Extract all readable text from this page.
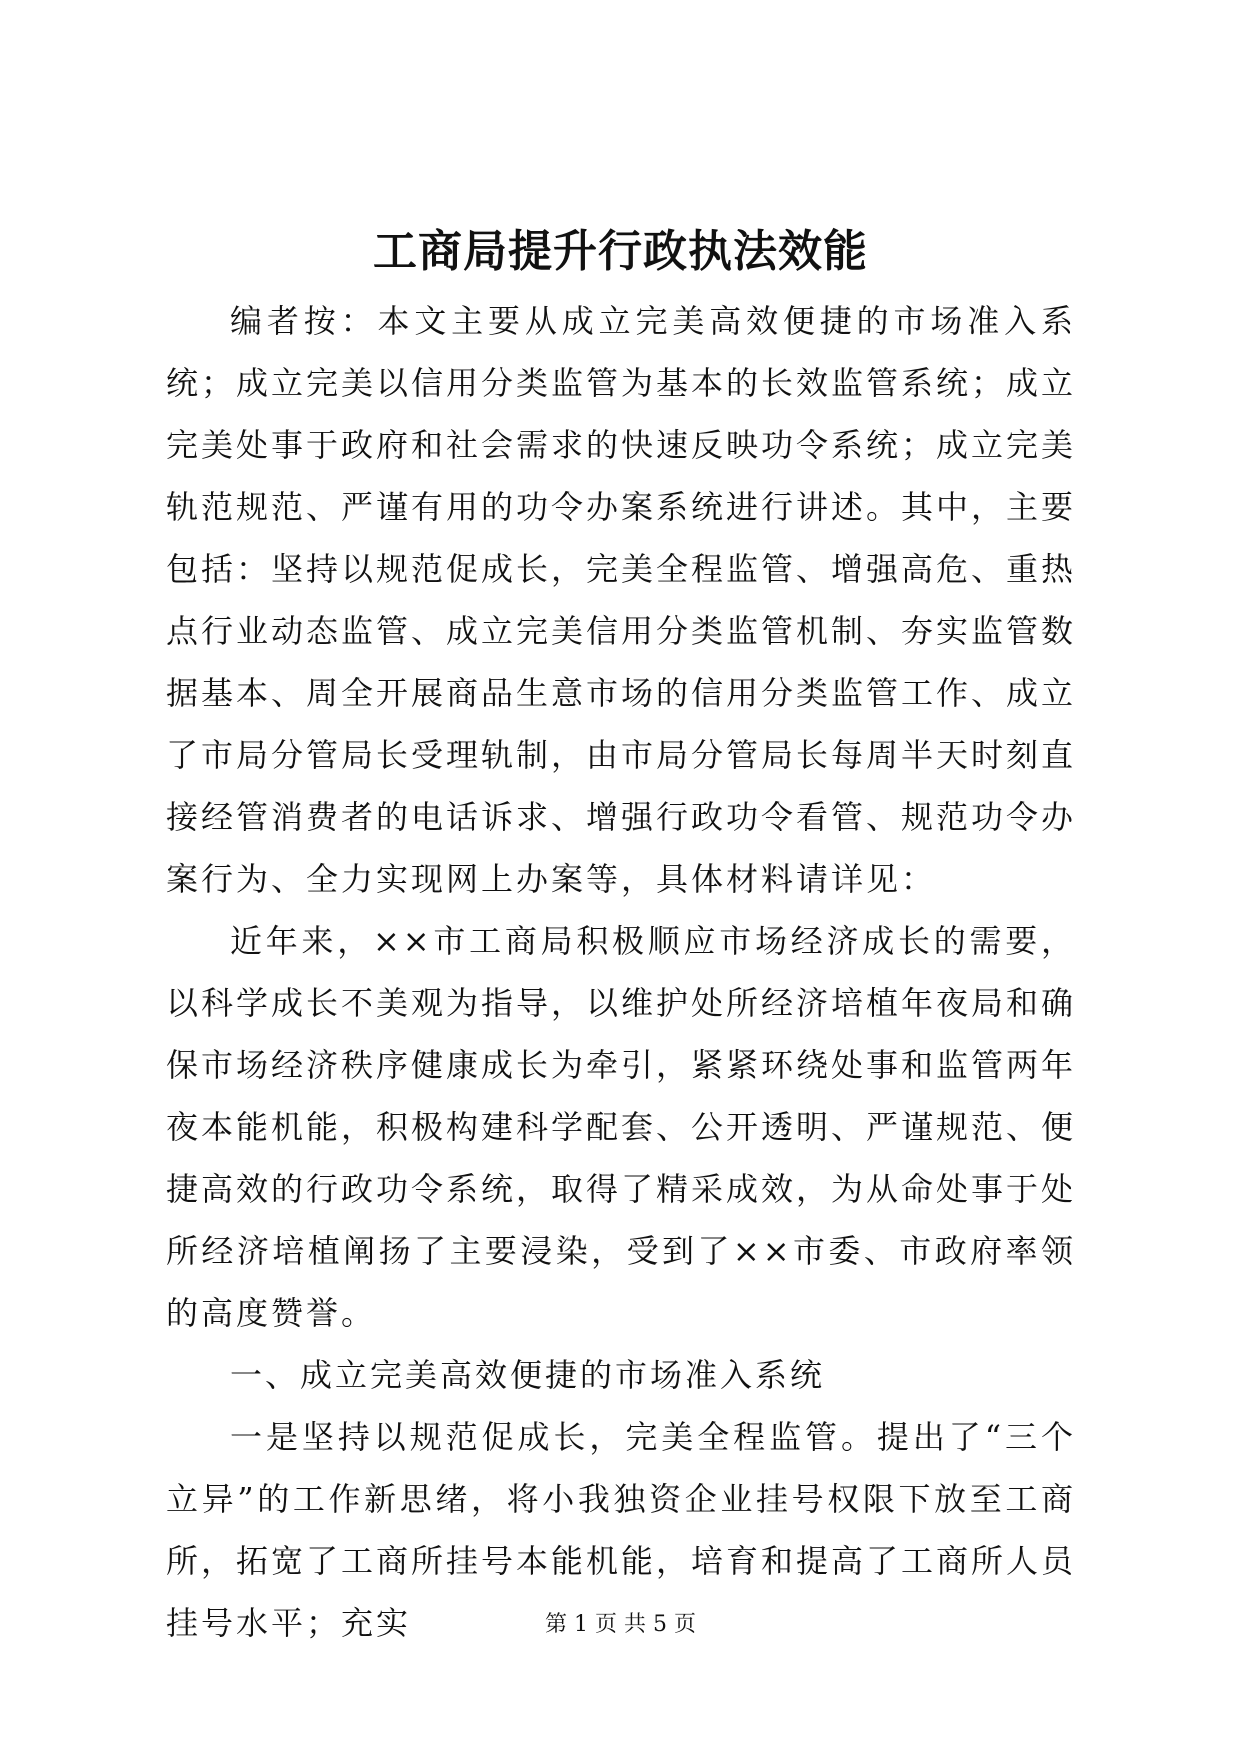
工商局提升行政执法效能

编者按：本文主要从成立完美高效便捷的市场准入系统；成立完美以信用分类监管为基本的长效监管系统；成立完美处事于政府和社会需求的快速反映功令系统；成立完美轨范规范、严谨有用的功令办案系统进行讲述。其中，主要包括：坚持以规范促成长，完美全程监管、增强高危、重热点行业动态监管、成立完美信用分类监管机制、夯实监管数据基本、周全开展商品生意市场的信用分类监管工作、成立了市局分管局长受理轨制，由市局分管局长每周半天时刻直接经管消费者的电话诉求、增强行政功令看管、规范功令办案行为、全力实现网上办案等，具体材料请详见：

近年来，××市工商局积极顺应市场经济成长的需要，以科学成长不美观为指导，以维护处所经济培植年夜局和确保市场经济秩序健康成长为牵引，紧紧环绕处事和监管两年夜本能机能，积极构建科学配套、公开透明、严谨规范、便捷高效的行政功令系统，取得了精采成效，为从命处事于处所经济培植阐扬了主要浸染，受到了××市委、市政府率领的高度赞誉。

一、成立完美高效便捷的市场准入系统

一是坚持以规范促成长，完美全程监管。提出了“三个立异”的工作新思绪，将小我独资企业挂号权限下放至工商所，拓宽了工商所挂号本能机能，培育和提高了工商所人员挂号水平；充实	第 1 页 共 5 页
